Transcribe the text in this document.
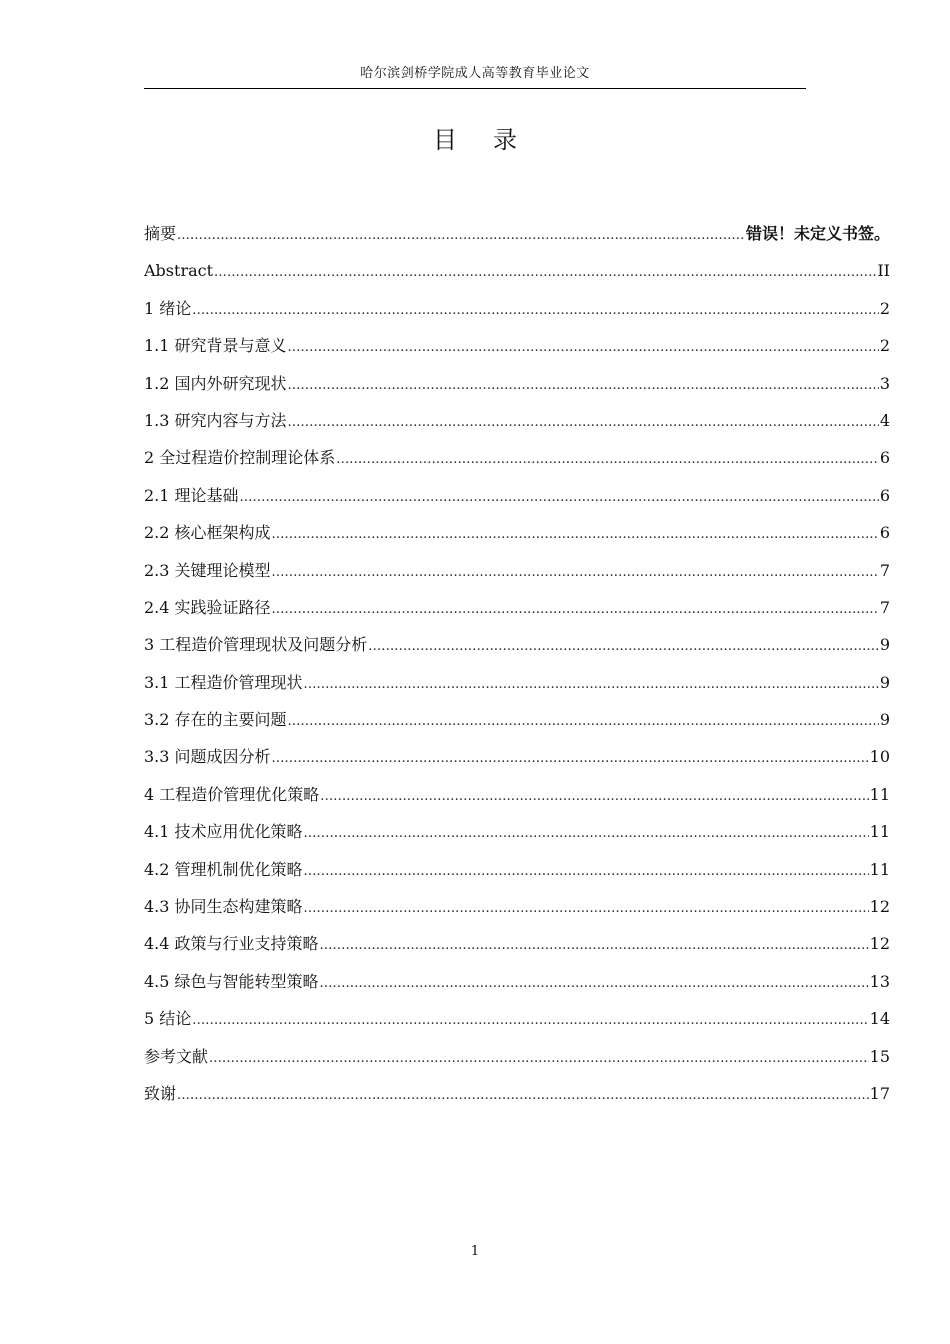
哈尔滨剑桥学院成人高等教育毕业论文
目 录
摘要 .....	错误！未定义书签。
Abstract .....	II
1 绪论 .....	2
1.1 研究背景与意义 .....	2
1.2 国内外研究现状 .....	3
1.3 研究内容与方法 .....	4
2 全过程造价控制理论体系 .....	6
2.1 理论基础 .....	6
2.2 核心框架构成 .....	6
2.3 关键理论模型 .....	7
2.4 实践验证路径 .....	7
3 工程造价管理现状及问题分析 .....	9
3.1 工程造价管理现状 .....	9
3.2 存在的主要问题 .....	9
3.3 问题成因分析 .....	10
4 工程造价管理优化策略 .....	11
4.1 技术应用优化策略 .....	11
4.2 管理机制优化策略 .....	11
4.3 协同生态构建策略 .....	12
4.4 政策与行业支持策略 .....	12
4.5 绿色与智能转型策略 .....	13
5 结论 .....	14
参考文献 .....	15
致谢 .....	17
1
